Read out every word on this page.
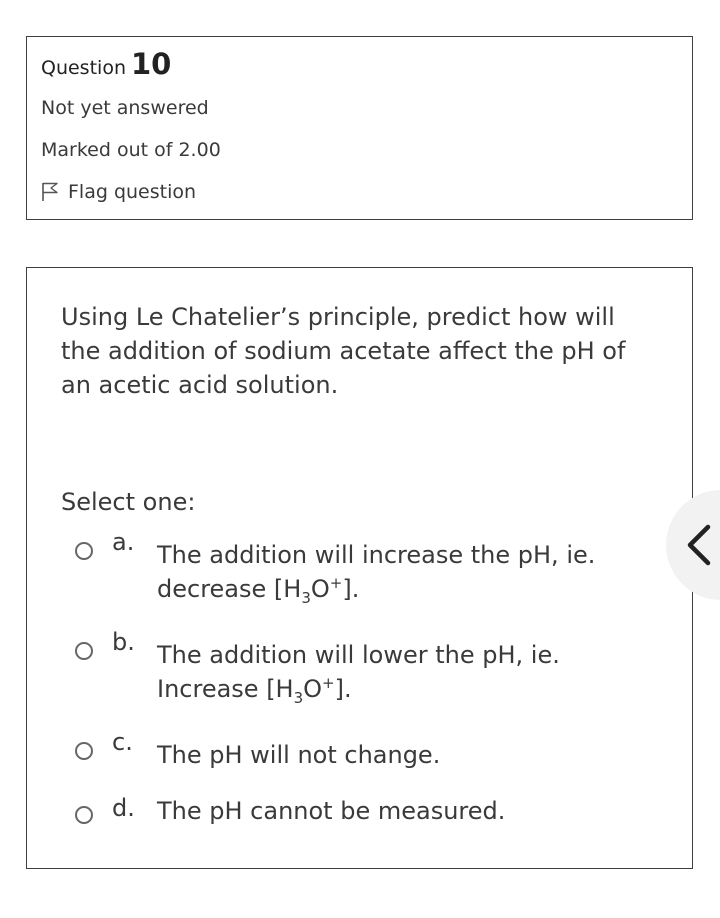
Question 10
Not yet answered
Marked out of 2.00
Flag question
Using Le Chatelier’s principle, predict how will the addition of sodium acetate affect the pH of an acetic acid solution.
Select one:
a. The addition will increase the pH, ie. decrease $[H_3O^+]$.
b. The addition will lower the pH, ie. Increase $[H_3O^+]$.
c. The pH will not change.
d. The pH cannot be measured.
